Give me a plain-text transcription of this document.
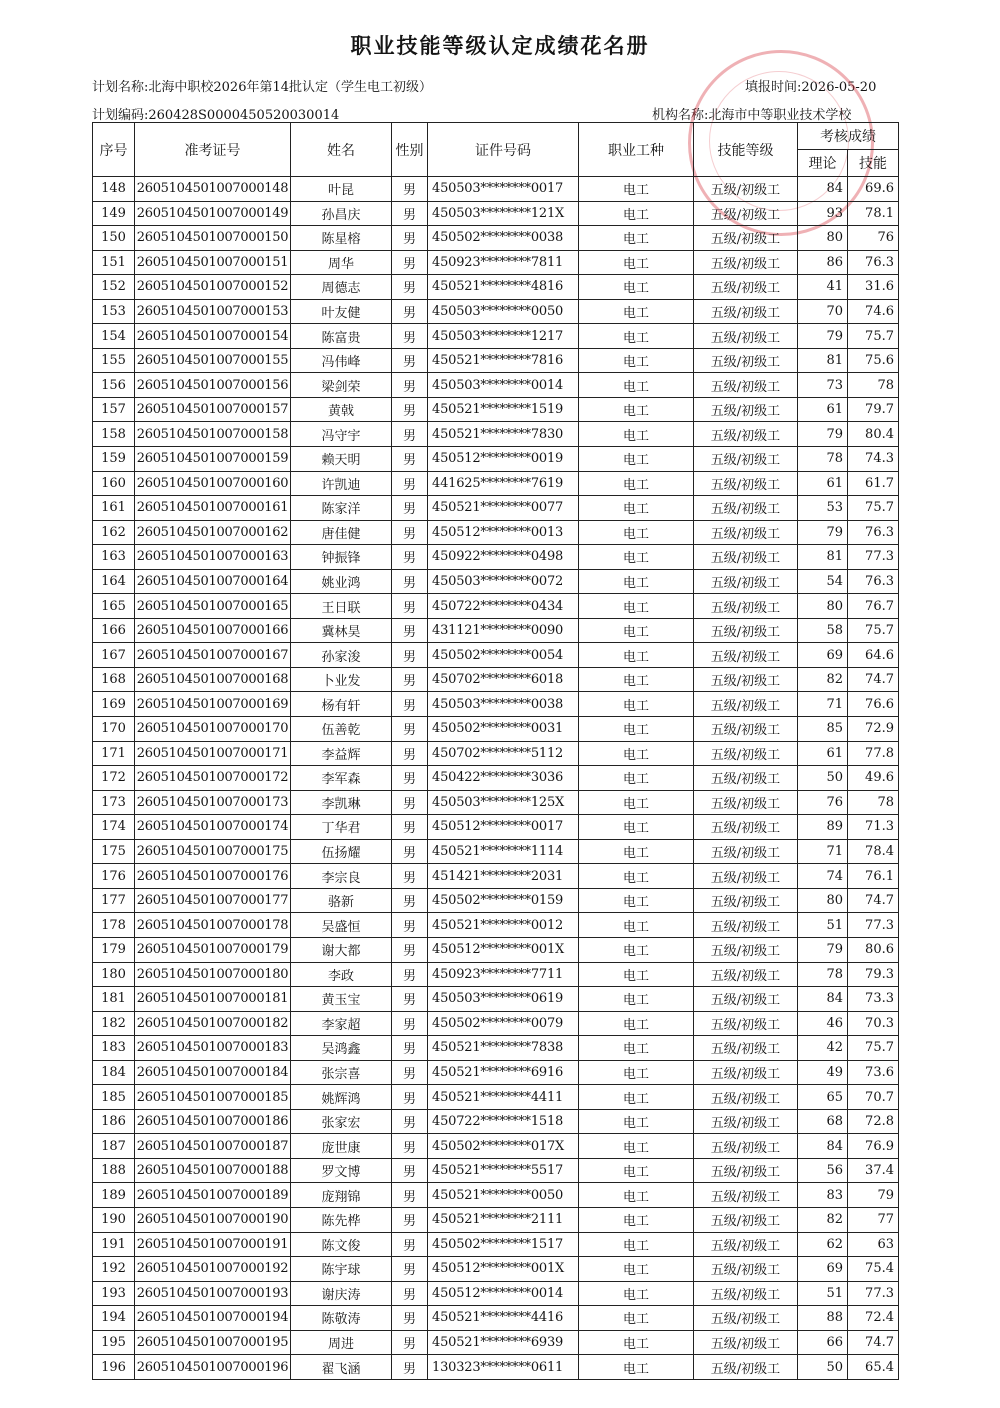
职业技能等级认定成绩花名册
计划名称:北海中职校2026年第14批认定（学生电工初级）	填报时间:2026-05-20
计划编码:260428S0000450520030014	机构名称:北海市中等职业技术学校
序号	准考证号	姓名	性别	证件号码	职业工种	技能等级	考核成绩	
							理论	技能
148	2605104501007000148	叶昆	男	450503********0017	电工	五级/初级工	84	69.6
149	2605104501007000149	孙昌庆	男	450503********121X	电工	五级/初级工	93	78.1
150	2605104501007000150	陈星榕	男	450502********0038	电工	五级/初级工	80	76
151	2605104501007000151	周华	男	450923********7811	电工	五级/初级工	86	76.3
152	2605104501007000152	周德志	男	450521********4816	电工	五级/初级工	41	31.6
153	2605104501007000153	叶友健	男	450503********0050	电工	五级/初级工	70	74.6
154	2605104501007000154	陈富贵	男	450503********1217	电工	五级/初级工	79	75.7
155	2605104501007000155	冯伟峰	男	450521********7816	电工	五级/初级工	81	75.6
156	2605104501007000156	梁剑荣	男	450503********0014	电工	五级/初级工	73	78
157	2605104501007000157	黄戟	男	450521********1519	电工	五级/初级工	61	79.7
158	2605104501007000158	冯守宇	男	450521********7830	电工	五级/初级工	79	80.4
159	2605104501007000159	赖天明	男	450512********0019	电工	五级/初级工	78	74.3
160	2605104501007000160	许凯迪	男	441625********7619	电工	五级/初级工	61	61.7
161	2605104501007000161	陈家洋	男	450521********0077	电工	五级/初级工	53	75.7
162	2605104501007000162	唐佳健	男	450512********0013	电工	五级/初级工	79	76.3
163	2605104501007000163	钟振锋	男	450922********0498	电工	五级/初级工	81	77.3
164	2605104501007000164	姚业鸿	男	450503********0072	电工	五级/初级工	54	76.3
165	2605104501007000165	王日联	男	450722********0434	电工	五级/初级工	80	76.7
166	2605104501007000166	冀林昊	男	431121********0090	电工	五级/初级工	58	75.7
167	2605104501007000167	孙家浚	男	450502********0054	电工	五级/初级工	69	64.6
168	2605104501007000168	卜业发	男	450702********6018	电工	五级/初级工	82	74.7
169	2605104501007000169	杨有轩	男	450503********0038	电工	五级/初级工	71	76.6
170	2605104501007000170	伍善乾	男	450502********0031	电工	五级/初级工	85	72.9
171	2605104501007000171	李益辉	男	450702********5112	电工	五级/初级工	61	77.8
172	2605104501007000172	李军森	男	450422********3036	电工	五级/初级工	50	49.6
173	2605104501007000173	李凯琳	男	450503********125X	电工	五级/初级工	76	78
174	2605104501007000174	丁华君	男	450512********0017	电工	五级/初级工	89	71.3
175	2605104501007000175	伍扬耀	男	450521********1114	电工	五级/初级工	71	78.4
176	2605104501007000176	李宗良	男	451421********2031	电工	五级/初级工	74	76.1
177	2605104501007000177	骆新	男	450502********0159	电工	五级/初级工	80	74.7
178	2605104501007000178	吴盛恒	男	450521********0012	电工	五级/初级工	51	77.3
179	2605104501007000179	谢大都	男	450512********001X	电工	五级/初级工	79	80.6
180	2605104501007000180	李政	男	450923********7711	电工	五级/初级工	78	79.3
181	2605104501007000181	黄玉宝	男	450503********0619	电工	五级/初级工	84	73.3
182	2605104501007000182	李家超	男	450502********0079	电工	五级/初级工	46	70.3
183	2605104501007000183	吴鸿鑫	男	450521********7838	电工	五级/初级工	42	75.7
184	2605104501007000184	张宗喜	男	450521********6916	电工	五级/初级工	49	73.6
185	2605104501007000185	姚辉鸿	男	450521********4411	电工	五级/初级工	65	70.7
186	2605104501007000186	张家宏	男	450722********1518	电工	五级/初级工	68	72.8
187	2605104501007000187	庞世康	男	450502********017X	电工	五级/初级工	84	76.9
188	2605104501007000188	罗文博	男	450521********5517	电工	五级/初级工	56	37.4
189	2605104501007000189	庞翔锦	男	450521********0050	电工	五级/初级工	83	79
190	2605104501007000190	陈先桦	男	450521********2111	电工	五级/初级工	82	77
191	2605104501007000191	陈文俊	男	450502********1517	电工	五级/初级工	62	63
192	2605104501007000192	陈宇球	男	450512********001X	电工	五级/初级工	69	75.4
193	2605104501007000193	谢庆涛	男	450512********0014	电工	五级/初级工	51	77.3
194	2605104501007000194	陈敬涛	男	450521********4416	电工	五级/初级工	88	72.4
195	2605104501007000195	周进	男	450521********6939	电工	五级/初级工	66	74.7
196	2605104501007000196	翟飞涵	男	130323********0611	电工	五级/初级工	50	65.4
